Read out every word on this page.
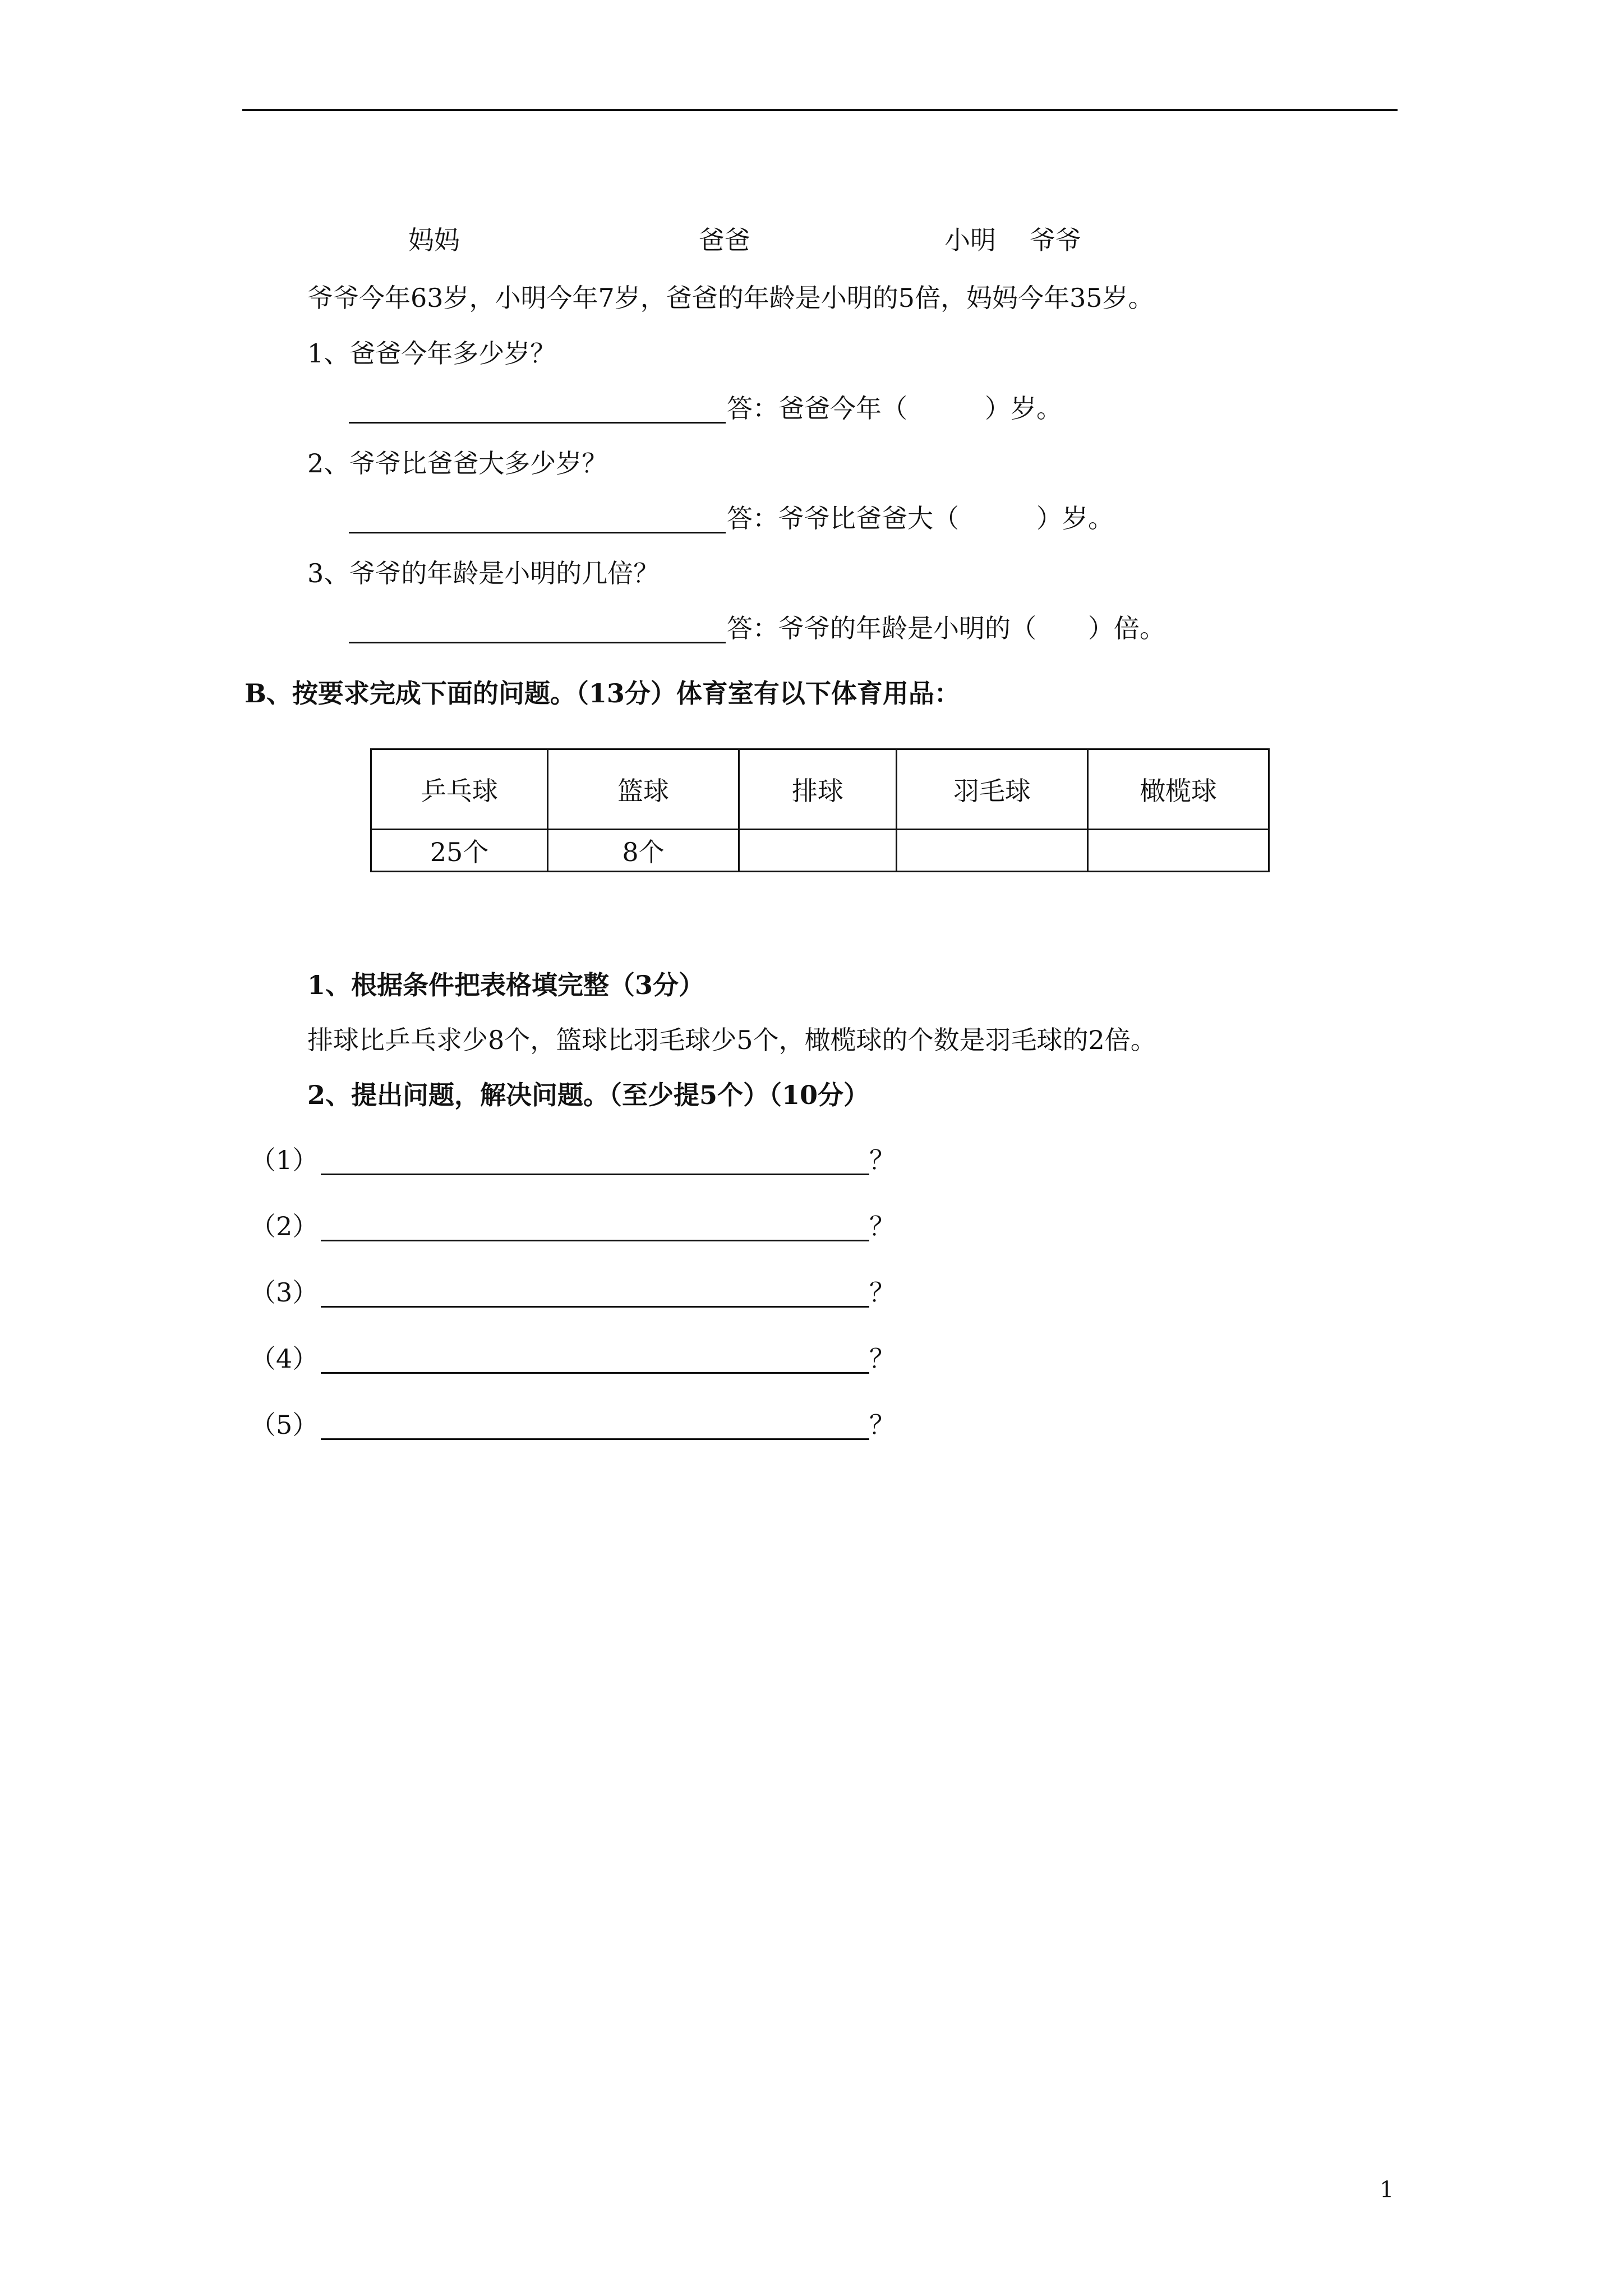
妈妈	爸爸	小明 爷爷
爷爷今年63岁，小明今年7岁，爸爸的年龄是小明的5倍，妈妈今年35岁。
1、爸爸今年多少岁？
答：爸爸今年（　　　）岁。
2、爷爷比爸爸大多少岁？
答：爷爷比爸爸大（　　　）岁。
3、爷爷的年龄是小明的几倍？
答：爷爷的年龄是小明的（　　）倍。
B、按要求完成下面的问题。（13分）体育室有以下体育用品：
乒乓球	篮球	排球	羽毛球	橄榄球
25个	8个			
1、根据条件把表格填完整（3分）
排球比乒乓求少8个，篮球比羽毛球少5个，橄榄球的个数是羽毛球的2倍。
2、提出问题，解决问题。（至少提5个）（10分）
（1）	？
（2）	？
（3）	？
（4）	？
（5）	？
1
